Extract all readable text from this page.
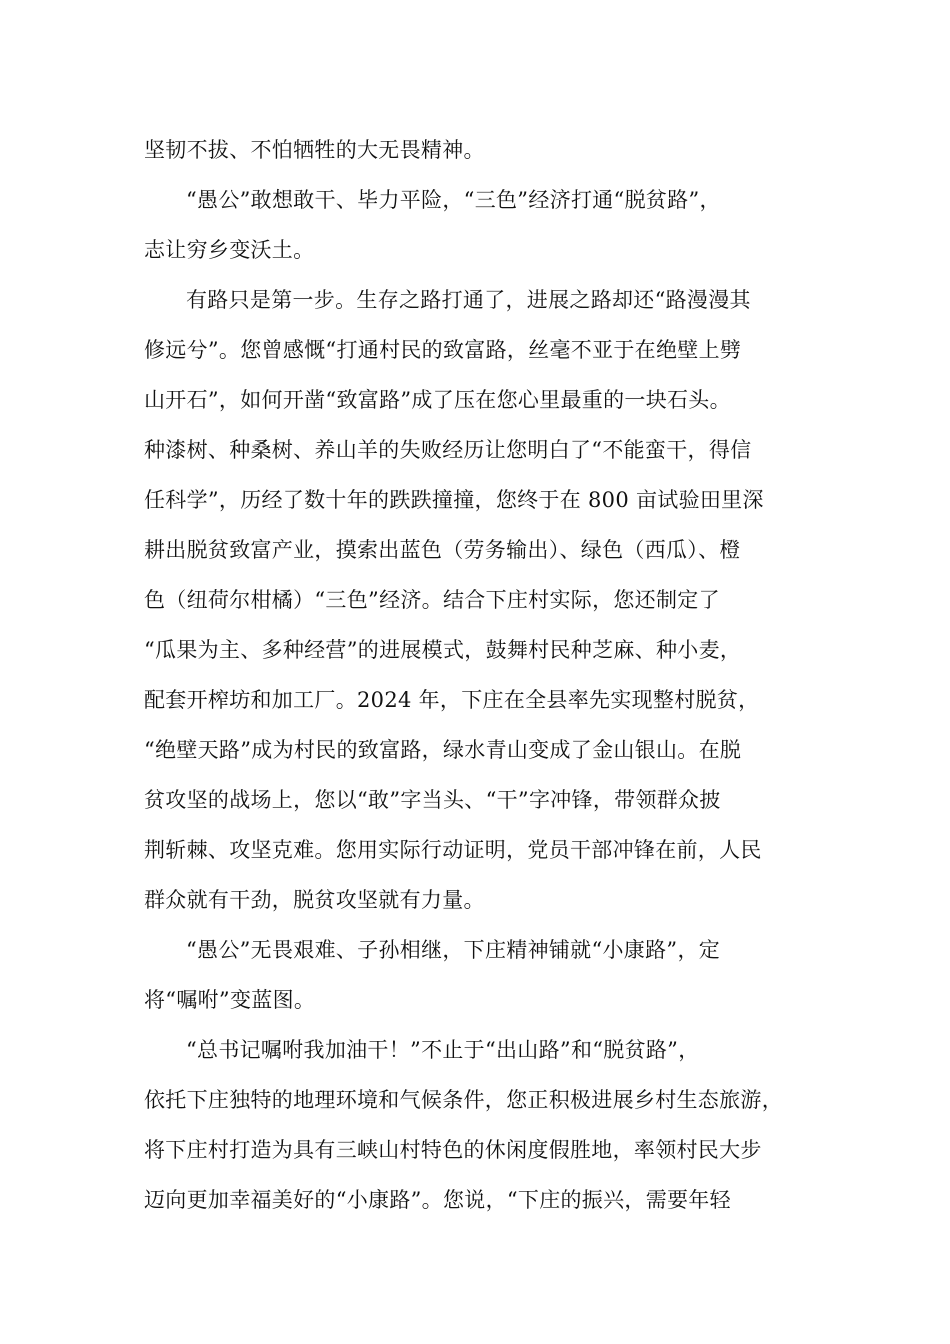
坚韧不拔、不怕牺牲的大无畏精神。
“愚公”敢想敢干、毕力平险，“三色”经济打通“脱贫路”，
志让穷乡变沃土。
有路只是第一步。生存之路打通了，进展之路却还“路漫漫其
修远兮”。您曾感慨“打通村民的致富路，丝毫不亚于在绝壁上劈
山开石”，如何开凿“致富路”成了压在您心里最重的一块石头。
种漆树、种桑树、养山羊的失败经历让您明白了“不能蛮干，得信
任科学”，历经了数十年的跌跌撞撞，您终于在 800 亩试验田里深
耕出脱贫致富产业，摸索出蓝色（劳务输出）、绿色（西瓜）、橙
色（纽荷尔柑橘）“三色”经济。结合下庄村实际，您还制定了
“瓜果为主、多种经营”的进展模式，鼓舞村民种芝麻、种小麦，
配套开榨坊和加工厂。2024 年，下庄在全县率先实现整村脱贫，
“绝壁天路”成为村民的致富路，绿水青山变成了金山银山。在脱
贫攻坚的战场上，您以“敢”字当头、“干”字冲锋，带领群众披
荆斩棘、攻坚克难。您用实际行动证明，党员干部冲锋在前，人民
群众就有干劲，脱贫攻坚就有力量。
“愚公”无畏艰难、子孙相继，下庄精神铺就“小康路”，定
将“嘱咐”变蓝图。
“总书记嘱咐我加油干！”不止于“出山路”和“脱贫路”，
依托下庄独特的地理环境和气候条件，您正积极进展乡村生态旅游，
将下庄村打造为具有三峡山村特色的休闲度假胜地，率领村民大步
迈向更加幸福美好的“小康路”。您说，“下庄的振兴，需要年轻
